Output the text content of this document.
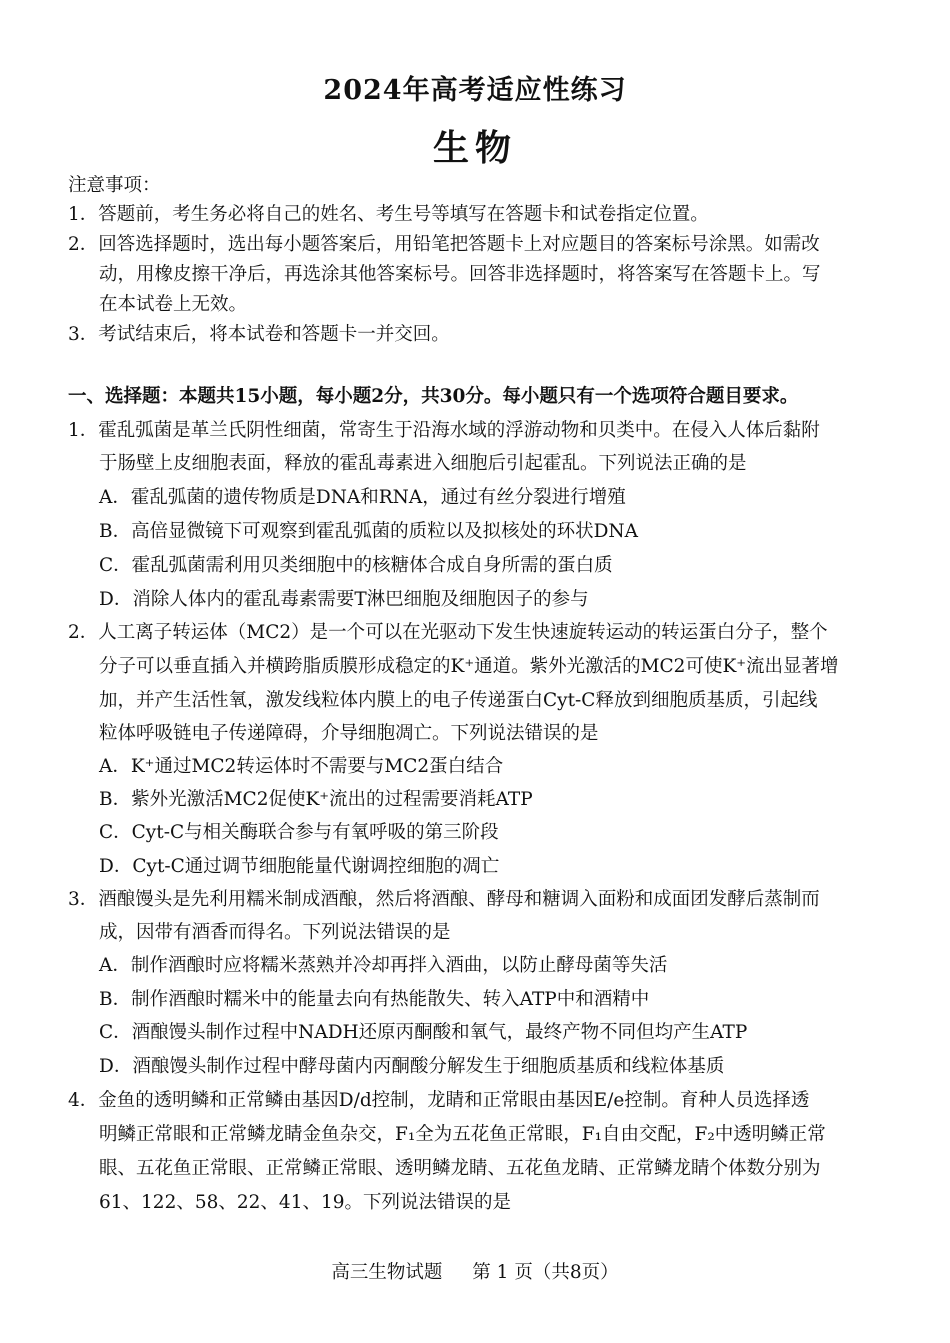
2024年高考适应性练习
生物
注意事项：
1．答题前，考生务必将自己的姓名、考生号等填写在答题卡和试卷指定位置。
2．回答选择题时，选出每小题答案后，用铅笔把答题卡上对应题目的答案标号涂黑。如需改
动，用橡皮擦干净后，再选涂其他答案标号。回答非选择题时，将答案写在答题卡上。写
在本试卷上无效。
3．考试结束后，将本试卷和答题卡一并交回。
一、选择题：本题共15小题，每小题2分，共30分。每小题只有一个选项符合题目要求。
1．霍乱弧菌是革兰氏阴性细菌，常寄生于沿海水域的浮游动物和贝类中。在侵入人体后黏附
于肠壁上皮细胞表面，释放的霍乱毒素进入细胞后引起霍乱。下列说法正确的是
A．霍乱弧菌的遗传物质是DNA和RNA，通过有丝分裂进行增殖
B．高倍显微镜下可观察到霍乱弧菌的质粒以及拟核处的环状DNA
C．霍乱弧菌需利用贝类细胞中的核糖体合成自身所需的蛋白质
D．消除人体内的霍乱毒素需要T淋巴细胞及细胞因子的参与
2．人工离子转运体（MC2）是一个可以在光驱动下发生快速旋转运动的转运蛋白分子，整个
分子可以垂直插入并横跨脂质膜形成稳定的K⁺通道。紫外光激活的MC2可使K⁺流出显著增
加，并产生活性氧，激发线粒体内膜上的电子传递蛋白Cyt-C释放到细胞质基质，引起线
粒体呼吸链电子传递障碍，介导细胞凋亡。下列说法错误的是
A．K⁺通过MC2转运体时不需要与MC2蛋白结合
B．紫外光激活MC2促使K⁺流出的过程需要消耗ATP
C．Cyt-C与相关酶联合参与有氧呼吸的第三阶段
D．Cyt-C通过调节细胞能量代谢调控细胞的凋亡
3．酒酿馒头是先利用糯米制成酒酿，然后将酒酿、酵母和糖调入面粉和成面团发酵后蒸制而
成，因带有酒香而得名。下列说法错误的是
A．制作酒酿时应将糯米蒸熟并冷却再拌入酒曲，以防止酵母菌等失活
B．制作酒酿时糯米中的能量去向有热能散失、转入ATP中和酒精中
C．酒酿馒头制作过程中NADH还原丙酮酸和氧气，最终产物不同但均产生ATP
D．酒酿馒头制作过程中酵母菌内丙酮酸分解发生于细胞质基质和线粒体基质
4．金鱼的透明鳞和正常鳞由基因D/d控制，龙睛和正常眼由基因E/e控制。育种人员选择透
明鳞正常眼和正常鳞龙睛金鱼杂交，F₁全为五花鱼正常眼，F₁自由交配，F₂中透明鳞正常
眼、五花鱼正常眼、正常鳞正常眼、透明鳞龙睛、五花鱼龙睛、正常鳞龙睛个体数分别为
61、122、58、22、41、19。下列说法错误的是
高三生物试题 第 1 页（共8页）
